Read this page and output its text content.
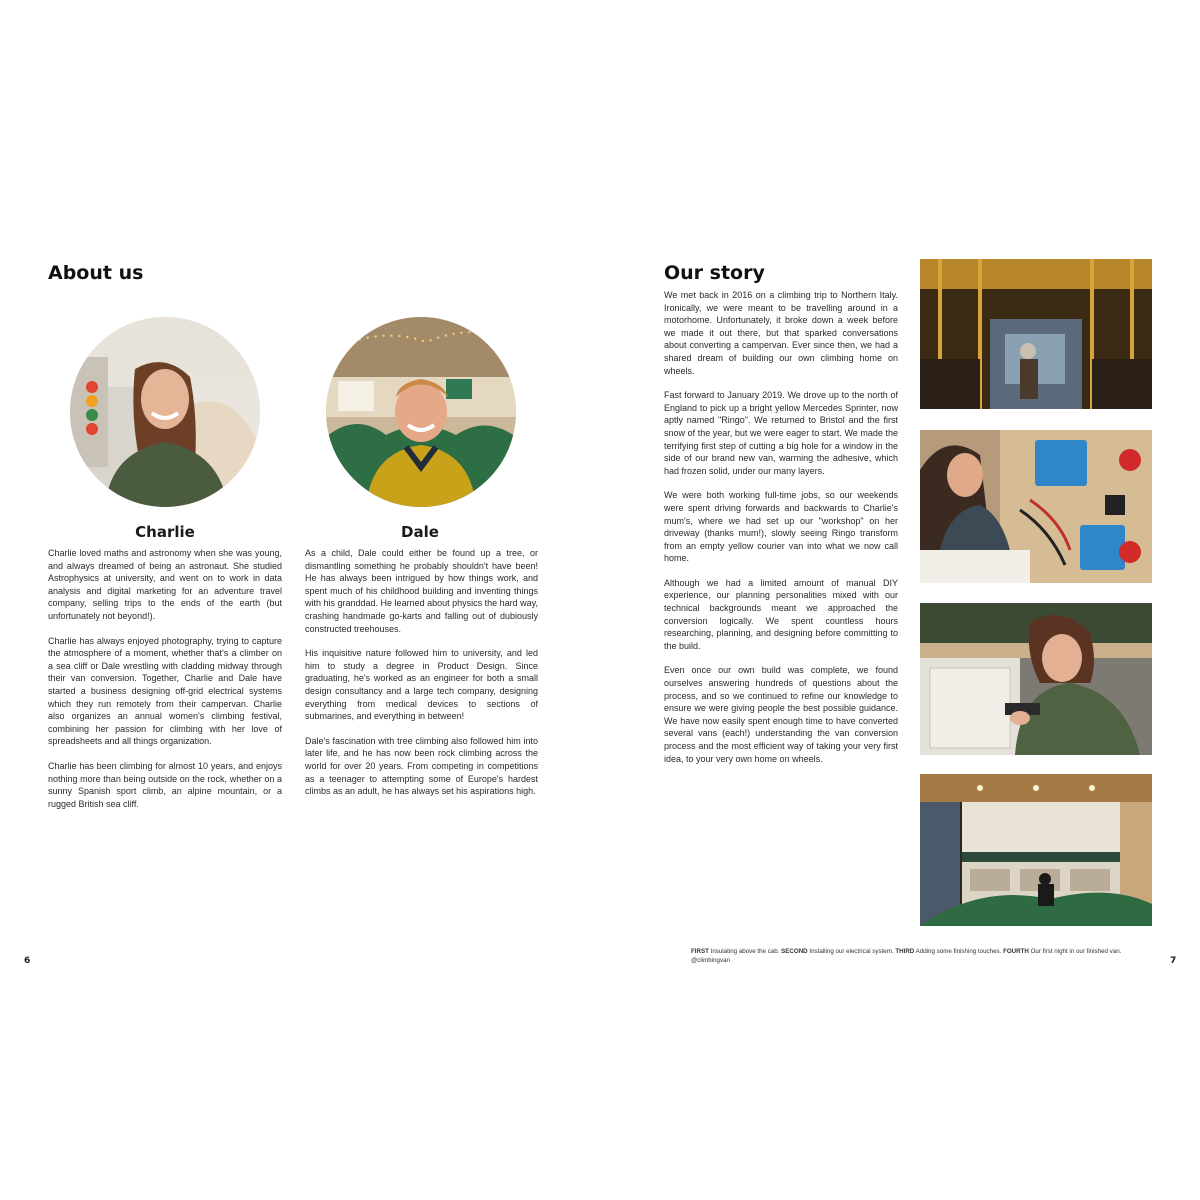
About us
Charlie	Dale

Charlie loved maths and astronomy when she was young, and always dreamed of being an astronaut. She studied Astrophysics at university, and went on to work in data analysis and digital marketing for an adventure travel company, selling trips to the ends of the earth (but unfortunately not beyond!).

Charlie has always enjoyed photography, trying to capture the atmosphere of a moment, whether that's a climber on a sea cliff or Dale wrestling with cladding midway through their van conversion. Together, Charlie and Dale have started a business designing off-grid electrical systems which they run remotely from their campervan. Charlie also organizes an annual women's climbing festival, combining her passion for climbing with her love of spreadsheets and all things organization.

Charlie has been climbing for almost 10 years, and enjoys nothing more than being outside on the rock, whether on a sunny Spanish sport climb, an alpine mountain, or a rugged British sea cliff.

As a child, Dale could either be found up a tree, or dismantling something he probably shouldn't have been! He has always been intrigued by how things work, and spent much of his childhood building and inventing things with his granddad. He learned about physics the hard way, crashing handmade go-karts and falling out of dubiously constructed treehouses.

His inquisitive nature followed him to university, and led him to study a degree in Product Design. Since graduating, he's worked as an engineer for both a small design consultancy and a large tech company, designing everything from medical devices to sections of submarines, and everything in between!

Dale's fascination with tree climbing also followed him into later life, and he has now been rock climbing across the world for over 20 years. From competing in competitions as a teenager to attempting some of Europe's hardest climbs as an adult, he has always set his aspirations high.

6
Our story

We met back in 2016 on a climbing trip to Northern Italy. Ironically, we were meant to be travelling around in a motorhome. Unfortunately, it broke down a week before we made it out there, but that sparked conversations about converting a campervan. Ever since then, we had a shared dream of building our own climbing home on wheels.

Fast forward to January 2019. We drove up to the north of England to pick up a bright yellow Mercedes Sprinter, now aptly named "Ringo". We returned to Bristol and the first snow of the year, but we were eager to start. We made the terrifying first step of cutting a big hole for a window in the side of our brand new van, warming the adhesive, which had frozen solid, under our many layers.

We were both working full-time jobs, so our weekends were spent driving forwards and backwards to Charlie's mum's, where we had set up our "workshop" on her driveway (thanks mum!), slowly seeing Ringo transform from an empty yellow courier van into what we now call home.

Although we had a limited amount of manual DIY experience, our planning personalities mixed with our technical backgrounds meant we approached the conversion logically. We spent countless hours researching, planning, and designing before committing to the build.

Even once our own build was complete, we found ourselves answering hundreds of questions about the process, and so we continued to refine our knowledge to ensure we were giving people the best possible guidance. We have now easily spent enough time to have converted several vans (each!) understanding the van conversion process and the most efficient way of taking your very first idea, to your very own home on wheels.

FIRST Insulating above the cab. SECOND Installing our electrical system. THIRD Adding some finishing touches. FOURTH Our first night in our finished van. @climbingvan	7
